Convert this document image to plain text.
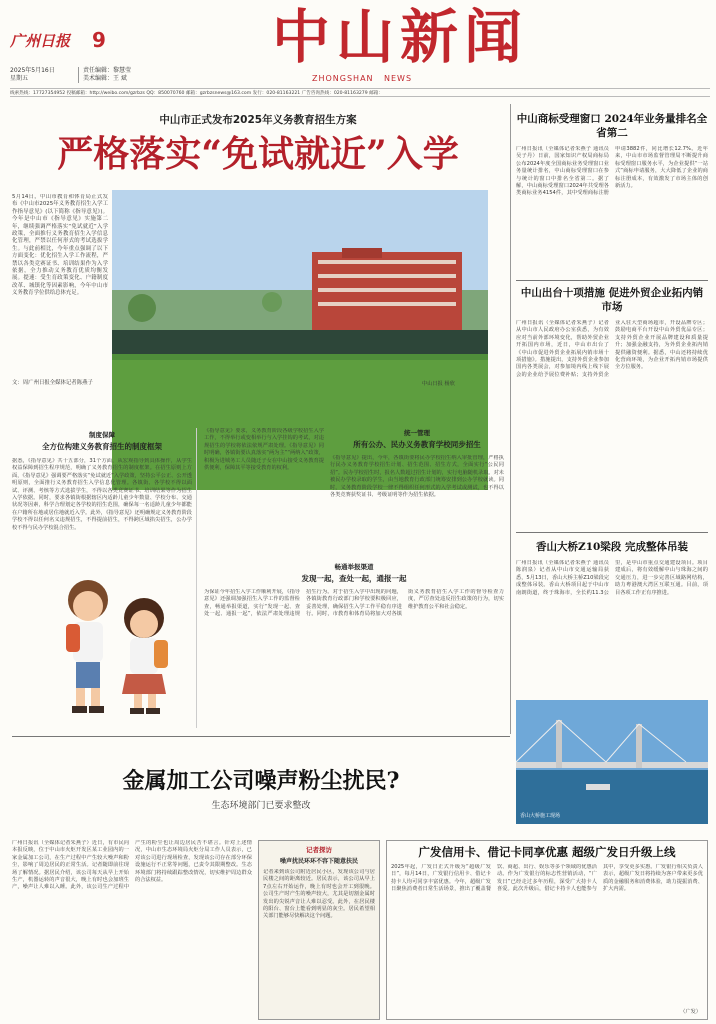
广州日报	9
2025年5月16日
星期五
责任编辑：黎慧莹
美术编辑：王 斌
中山新闻
ZHONGSHAN NEWS
线索热线：17727354952 投稿邮箱：http://weibo.com/gzrbzs QQ：850070760 邮箱：gzrbzsnews@163.com 发行：020-81163221 广告咨询热线：020-81163279 邮箱：
中山市正式发布2025年义务教育招生方案
严格落实“免试就近”入学
5月14日，中山市教育和体育局正式发布《中山市2025年义务教育招生入学工作指导意见》(以下简称《指导意见》)。今年是中山市《指导意见》实施第二年，继续强调严格落实“免试就近”入学政策，全面推行义务教育招生入学信息化管理，严禁以任何形式的考试选拔学生。与此前相比，今年重点强调了以下方面变化：优化招生入学工作流程，严禁以各类竞赛证书、培训结果作为入学依据，全力推动义务教育优质均衡发展。提速：受生育政策变化、户籍制度改革、城镇化等因素影响，今年中山市义务教育学位供给总体充足。
文：周广州日报全媒体记者陈燕子	中山日报 杨欣
制度保障
全方位构建义务教育招生的制度框架
据悉，《指导意见》共十五部分，31个方面，从宏观指导到具体操作，从学生权益保障到招生程序规范，明确了义务教育招生的制度框架。在招生原则上方面，《指导意见》强调要严格落实“免试就近”入学政策，坚持公平公正、公开透明原则，全面推行义务教育招生入学信息化管理。各镇街、各学校不得以面试、评测、考核等方式选拔学生，不得以各类竞赛证书、培训结果等作为招生入学依据。同时，要求各镇街根据辖区内适龄儿童少年数量、学校分布、交通状况等因素，科学合理划定各学校的招生范围，确保每一名适龄儿童少年都能在户籍所在地或居住地就近入学。此外，《指导意见》还明确规定义务教育阶段学校不得以任何名义违规招生，不得提前招生，不得跨区域掐尖招生，公办学校不得与民办学校混合招生。
《指导意见》要求，义务教育阶段各级学校招生入学工作，不得举行或变相举行与入学挂钩的考试，对违规招生的学校将依法依规严肃处理。《指导意见》同时明确，各镇街要认真落实“两为主”“两纳入”政策，积极为进城务工人员随迁子女在中山接受义务教育提供便利，保障其平等接受教育的权利。
统一管理
所有公办、民办义务教育学校同步招生
《指导意见》提出，今年，各镇街要将民办学校招生纳入审批管理，严格执行民办义务教育学校招生计划、招生范围、招生方式，全面实行“公民同招”。民办学校招生时，报名人数超过招生计划的，实行电脑随机录取。对未被民办学校录取的学生，由当地教育行政部门统筹安排到公办学校就读。同时，义务教育阶段学校一律不得组织任何形式的入学考试或测试，也不得以各类竞赛获奖证书、考级证明等作为招生依据。
畅通举报渠道
发现一起，查处一起，通报一起
为保证今年招生入学工作顺利开展，《指导意见》还强调加强招生入学工作的监督检查，畅通举报渠道，实行“发现一起、查处一起、通报一起”，依法严肃处理违规招生行为。对于招生入学中出现的问题，各镇街教育行政部门和学校要积极回应，妥善处理，确保招生入学工作平稳有序进行。同时，市教育和体育局将加大对各镇街义务教育招生入学工作的督导检查力度，严厉查处违反招生政策的行为，切实维护教育公平和社会稳定。
中山商标受理窗口 2024年业务量排名全省第二
广州日报讯（全媒体记者朱燕子 通讯员吴子丹）日前，国家知识产权局商标局公布2024年度全国商标业务受理窗口业务量统计排名，中山商标受理窗口在参与统计的窗口中排名全省第二。据了解，中山商标受理窗口2024年共受理各类商标业务4154件，其中受理商标注册申请3882件，同比增长12.7%。近年来，中山市市场监督管理局不断提升商标受理窗口服务水平，为企业提供“一站式”商标申请服务，大大降低了企业的商标注册成本，有效激发了市场主体的创新活力。
中山出台十项措施 促进外贸企业拓内销市场
广州日报讯（全媒体记者朱燕子）记者从中山市人民政府办公室获悉，为有效应对当前外部环境变化，帮助外贸企业开拓国内市场，近日，中山市出台了《中山市促进外贸企业拓展内销市场十项措施》。措施提出，支持外贸企业参加国内各类展会，对参加境内线上线下展会的企业给予展位费补贴；支持外贸企业入驻大型商场超市，开设品牌专区；鼓励电商平台开设中山外贸优品专区；支持外贸企业开展品牌建设和质量提升；加强金融支持，为外贸企业拓内销提供融资便利。据悉，中山还将持续优化营商环境，为企业开拓内销市场提供全方位服务。
香山大桥Z10梁段 完成整体吊装
广州日报讯（全媒体记者朱燕子 通讯员陈润泉）记者从中山市交通运输局获悉，5月13日，香山大桥主桥Z10梁段完成整体吊装。香山大桥项目起于中山市南朗街道，终于珠海市，全长约11.3公里，是中山市重点交通建设项目。项目建成后，将有效缓解中山与珠海之间的交通压力，进一步完善区域路网结构，助力粤港澳大湾区互联互通。目前，项目各项工作正有序推进。
香山大桥施工现场
金属加工公司噪声粉尘扰民?
生态环境部门已要求整改
广州日报讯（全媒体记者朱燕子）近日，有市民向本报反映，位于中山市火炬开发区某工业园内的一家金属加工公司，在生产过程中产生较大噪声和粉尘，影响了周边居民的正常生活。记者随即前往现场了解情况。据居民介绍，该公司每天从早上开始生产，机器运转的声音很大，晚上有时也会加班生产，噪声让人难以入睡。此外，该公司生产过程中产生的粉尘也让周边居民苦不堪言。针对上述情况，中山市生态环境局火炬分局工作人员表示，已对该公司进行现场检查，发现该公司存在部分环保设施运行不正常等问题，已责令其限期整改。生态环境部门将持续跟踪整改情况，切实维护周边群众的合法权益。
记者探访
噪声扰民环环不容下随意扶民
记者来到该公司附近居民小区，发现该公司与居民楼之间的距离较近。居民表示，该公司从早上7点左右开始运作，晚上有时也会开工到很晚。公司生产时产生的噪声较大，尤其是切割金属时发出的尖锐声音让人难以忍受。此外，在居民楼的阳台、窗台上能看到明显的灰尘。居民希望相关部门能够尽快解决这个问题。
广发信用卡、借记卡同享优惠 超级广发日升级上线
2025年起，广发日正式升级为“超级广发日”，每月14日，广发银行信用卡、借记卡持卡人均可同享丰富优惠。今年，超级广发日聚焦消费者日常生活场景，推出了覆盖餐饮、商超、出行、娱乐等多个领域的优惠活动。作为广发银行的标志性营销活动，“广发日”已经走过多年历程，深受广大持卡人喜爱。此次升级后，借记卡持卡人也能参与其中，享受更多实惠。广发银行相关负责人表示，超级广发日将持续为客户带来更多优质的金融服务和消费体验，助力提振消费、扩大内需。
（广发）
